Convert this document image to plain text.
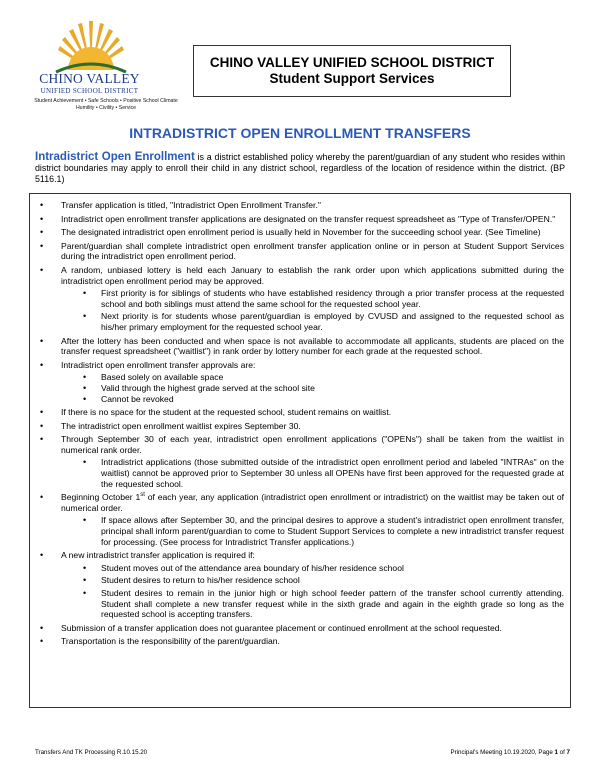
CHINO VALLEY
UNIFIED SCHOOL DISTRICT
Student Achievement • Safe Schools • Positive School Climate
Humility • Civility • Service
CHINO VALLEY UNIFIED SCHOOL DISTRICT
Student Support Services
INTRADISTRICT OPEN ENROLLMENT TRANSFERS
Intradistrict Open Enrollment is a district established policy whereby the parent/guardian of any student who resides within district boundaries may apply to enroll their child in any district school, regardless of the location of residence within the district. (BP 5116.1)
• Transfer application is titled, "Intradistrict Open Enrollment Transfer."
• Intradistrict open enrollment transfer applications are designated on the transfer request spreadsheet as "Type of Transfer/OPEN."
• The designated intradistrict open enrollment period is usually held in November for the succeeding school year. (See Timeline)
• Parent/guardian shall complete intradistrict open enrollment transfer application online or in person at Student Support Services during the intradistrict open enrollment period.
• A random, unbiased lottery is held each January to establish the rank order upon which applications submitted during the intradistrict open enrollment period may be approved.
• First priority is for siblings of students who have established residency through a prior transfer process at the requested school and both siblings must attend the same school for the requested school year.
• Next priority is for students whose parent/guardian is employed by CVUSD and assigned to the requested school as his/her primary employment for the requested school year.
• After the lottery has been conducted and when space is not available to accommodate all applicants, students are placed on the transfer request spreadsheet ("waitlist") in rank order by lottery number for each grade at the requested school.
• Intradistrict open enrollment transfer approvals are:
• Based solely on available space
• Valid through the highest grade served at the school site
• Cannot be revoked
• If there is no space for the student at the requested school, student remains on waitlist.
• The intradistrict open enrollment waitlist expires September 30.
• Through September 30 of each year, intradistrict open enrollment applications ("OPENs") shall be taken from the waitlist in numerical rank order.
• Intradistrict applications (those submitted outside of the intradistrict open enrollment period and labeled "INTRAs" on the waitlist) cannot be approved prior to September 30 unless all OPENs have first been approved for the requested grade at the requested school.
• Beginning October 1st of each year, any application (intradistrict open enrollment or intradistrict) on the waitlist may be taken out of numerical order.
• If space allows after September 30, and the principal desires to approve a student's intradistrict open enrollment transfer, principal shall inform parent/guardian to come to Student Support Services to complete a new intradistrict transfer request for processing. (See process for Intradistrict Transfer applications.)
• A new intradistrict transfer application is required if:
• Student moves out of the attendance area boundary of his/her residence school
• Student desires to return to his/her residence school
• Student desires to remain in the junior high or high school feeder pattern of the transfer school currently attending. Student shall complete a new transfer request while in the sixth grade and again in the eighth grade so long as the requested school is accepting transfers.
• Submission of a transfer application does not guarantee placement or continued enrollment at the school requested.
• Transportation is the responsibility of the parent/guardian.
Transfers And TK Processing R.10.15.20	Principal's Meeting 10.19.2020, Page 1 of 7
